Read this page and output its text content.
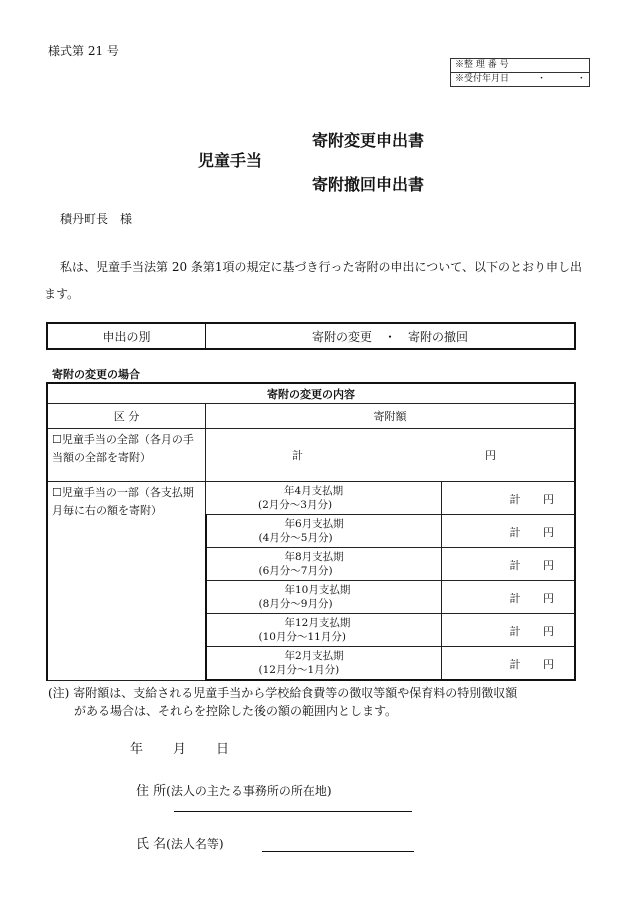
様式第 21 号
※整 理 番 号
※受付年月日	・ ・
児童手当
寄附変更申出書
寄附撤回申出書
積丹町長 様
私は、児童手当法第 20 条第1項の規定に基づき行った寄附の申出について、以下のとおり申し出ます。
申出の別	寄附の変更 ・ 寄附の撤回
寄附の変更の場合
寄附の変更の内容		
区 分	寄附額	
☐児童手当の全部（各月の手当額の全部を寄附）	計 円	
☐児童手当の一部（各支払期月毎に右の額を寄附）	年4月支払期
(2月分～3月分)	計 円

	年6月支払期
(4月分～5月分)	計 円

	年8月支払期
(6月分～7月分)	計 円

	年10月支払期
(8月分～9月分)	計 円

	年12月支払期
(10月分～11月分)	計 円

	年2月支払期
(12月分～1月分)	計 円
(注) 寄附額は、支給される児童手当から学校給食費等の徴収等額や保育料の特別徴収額
がある場合は、それらを控除した後の額の範囲内とします。
年 月 日
住 所(法人の主たる事務所の所在地)
氏 名(法人名等)
